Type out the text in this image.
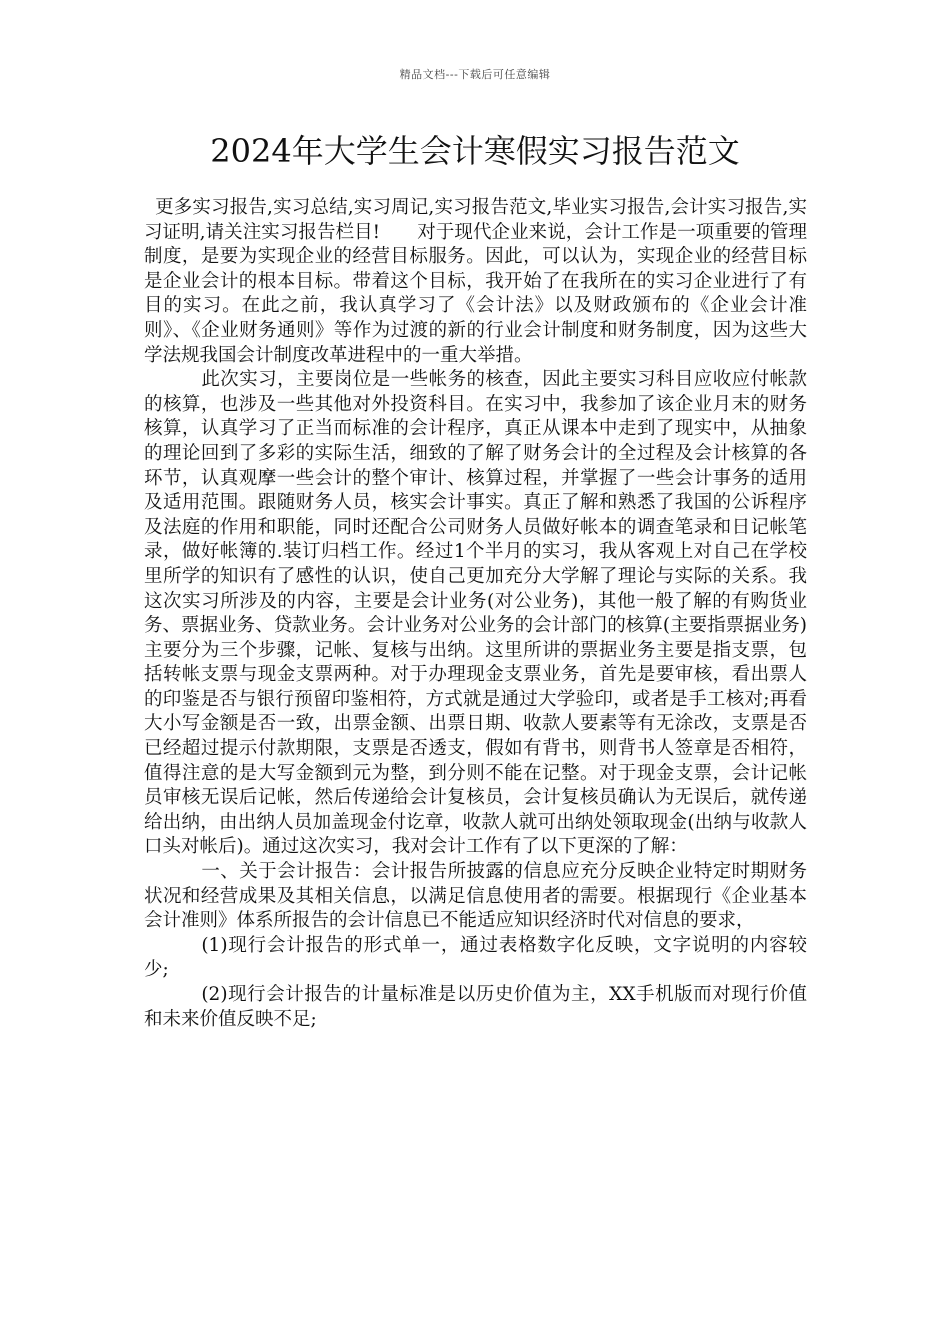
精品文档---下载后可任意编辑
2024年大学生会计寒假实习报告范文

更多实习报告,实习总结,实习周记,实习报告范文,毕业实习报告,会计实习报告,实习证明,请关注实习报告栏目!　　对于现代企业来说，会计工作是一项重要的管理制度，是要为实现企业的经营目标服务。因此，可以认为，实现企业的经营目标是企业会计的根本目标。带着这个目标，我开始了在我所在的实习企业进行了有目的实习。在此之前，我认真学习了《会计法》以及财政颁布的《企业会计准则》、《企业财务通则》等作为过渡的新的行业会计制度和财务制度，因为这些大学法规我国会计制度改革进程中的一重大举措。

此次实习，主要岗位是一些帐务的核查，因此主要实习科目应收应付帐款的核算，也涉及一些其他对外投资科目。在实习中，我参加了该企业月末的财务核算，认真学习了正当而标准的会计程序，真正从课本中走到了现实中，从抽象的理论回到了多彩的实际生活，细致的了解了财务会计的全过程及会计核算的各环节，认真观摩一些会计的整个审计、核算过程，并掌握了一些会计事务的适用及适用范围。跟随财务人员，核实会计事实。真正了解和熟悉了我国的公诉程序及法庭的作用和职能，同时还配合公司财务人员做好帐本的调查笔录和日记帐笔录，做好帐簿的.装订归档工作。经过1个半月的实习，我从客观上对自己在学校里所学的知识有了感性的认识，使自己更加充分大学解了理论与实际的关系。我这次实习所涉及的内容，主要是会计业务(对公业务)，其他一般了解的有购货业务、票据业务、贷款业务。会计业务对公业务的会计部门的核算(主要指票据业务)主要分为三个步骤，记帐、复核与出纳。这里所讲的票据业务主要是指支票，包括转帐支票与现金支票两种。对于办理现金支票业务，首先是要审核，看出票人的印鉴是否与银行预留印鉴相符，方式就是通过大学验印，或者是手工核对;再看大小写金额是否一致，出票金额、出票日期、收款人要素等有无涂改，支票是否已经超过提示付款期限，支票是否透支，假如有背书，则背书人签章是否相符，值得注意的是大写金额到元为整，到分则不能在记整。对于现金支票，会计记帐员审核无误后记帐，然后传递给会计复核员，会计复核员确认为无误后，就传递给出纳，由出纳人员加盖现金付讫章，收款人就可出纳处领取现金(出纳与收款人口头对帐后)。通过这次实习，我对会计工作有了以下更深的了解：

一、关于会计报告：会计报告所披露的信息应充分反映企业特定时期财务状况和经营成果及其相关信息，以满足信息使用者的需要。根据现行《企业基本会计准则》体系所报告的会计信息已不能适应知识经济时代对信息的要求，

(1)现行会计报告的形式单一，通过表格数字化反映，文字说明的内容较少;

(2)现行会计报告的计量标准是以历史价值为主，XX手机版而对现行价值和未来价值反映不足;
